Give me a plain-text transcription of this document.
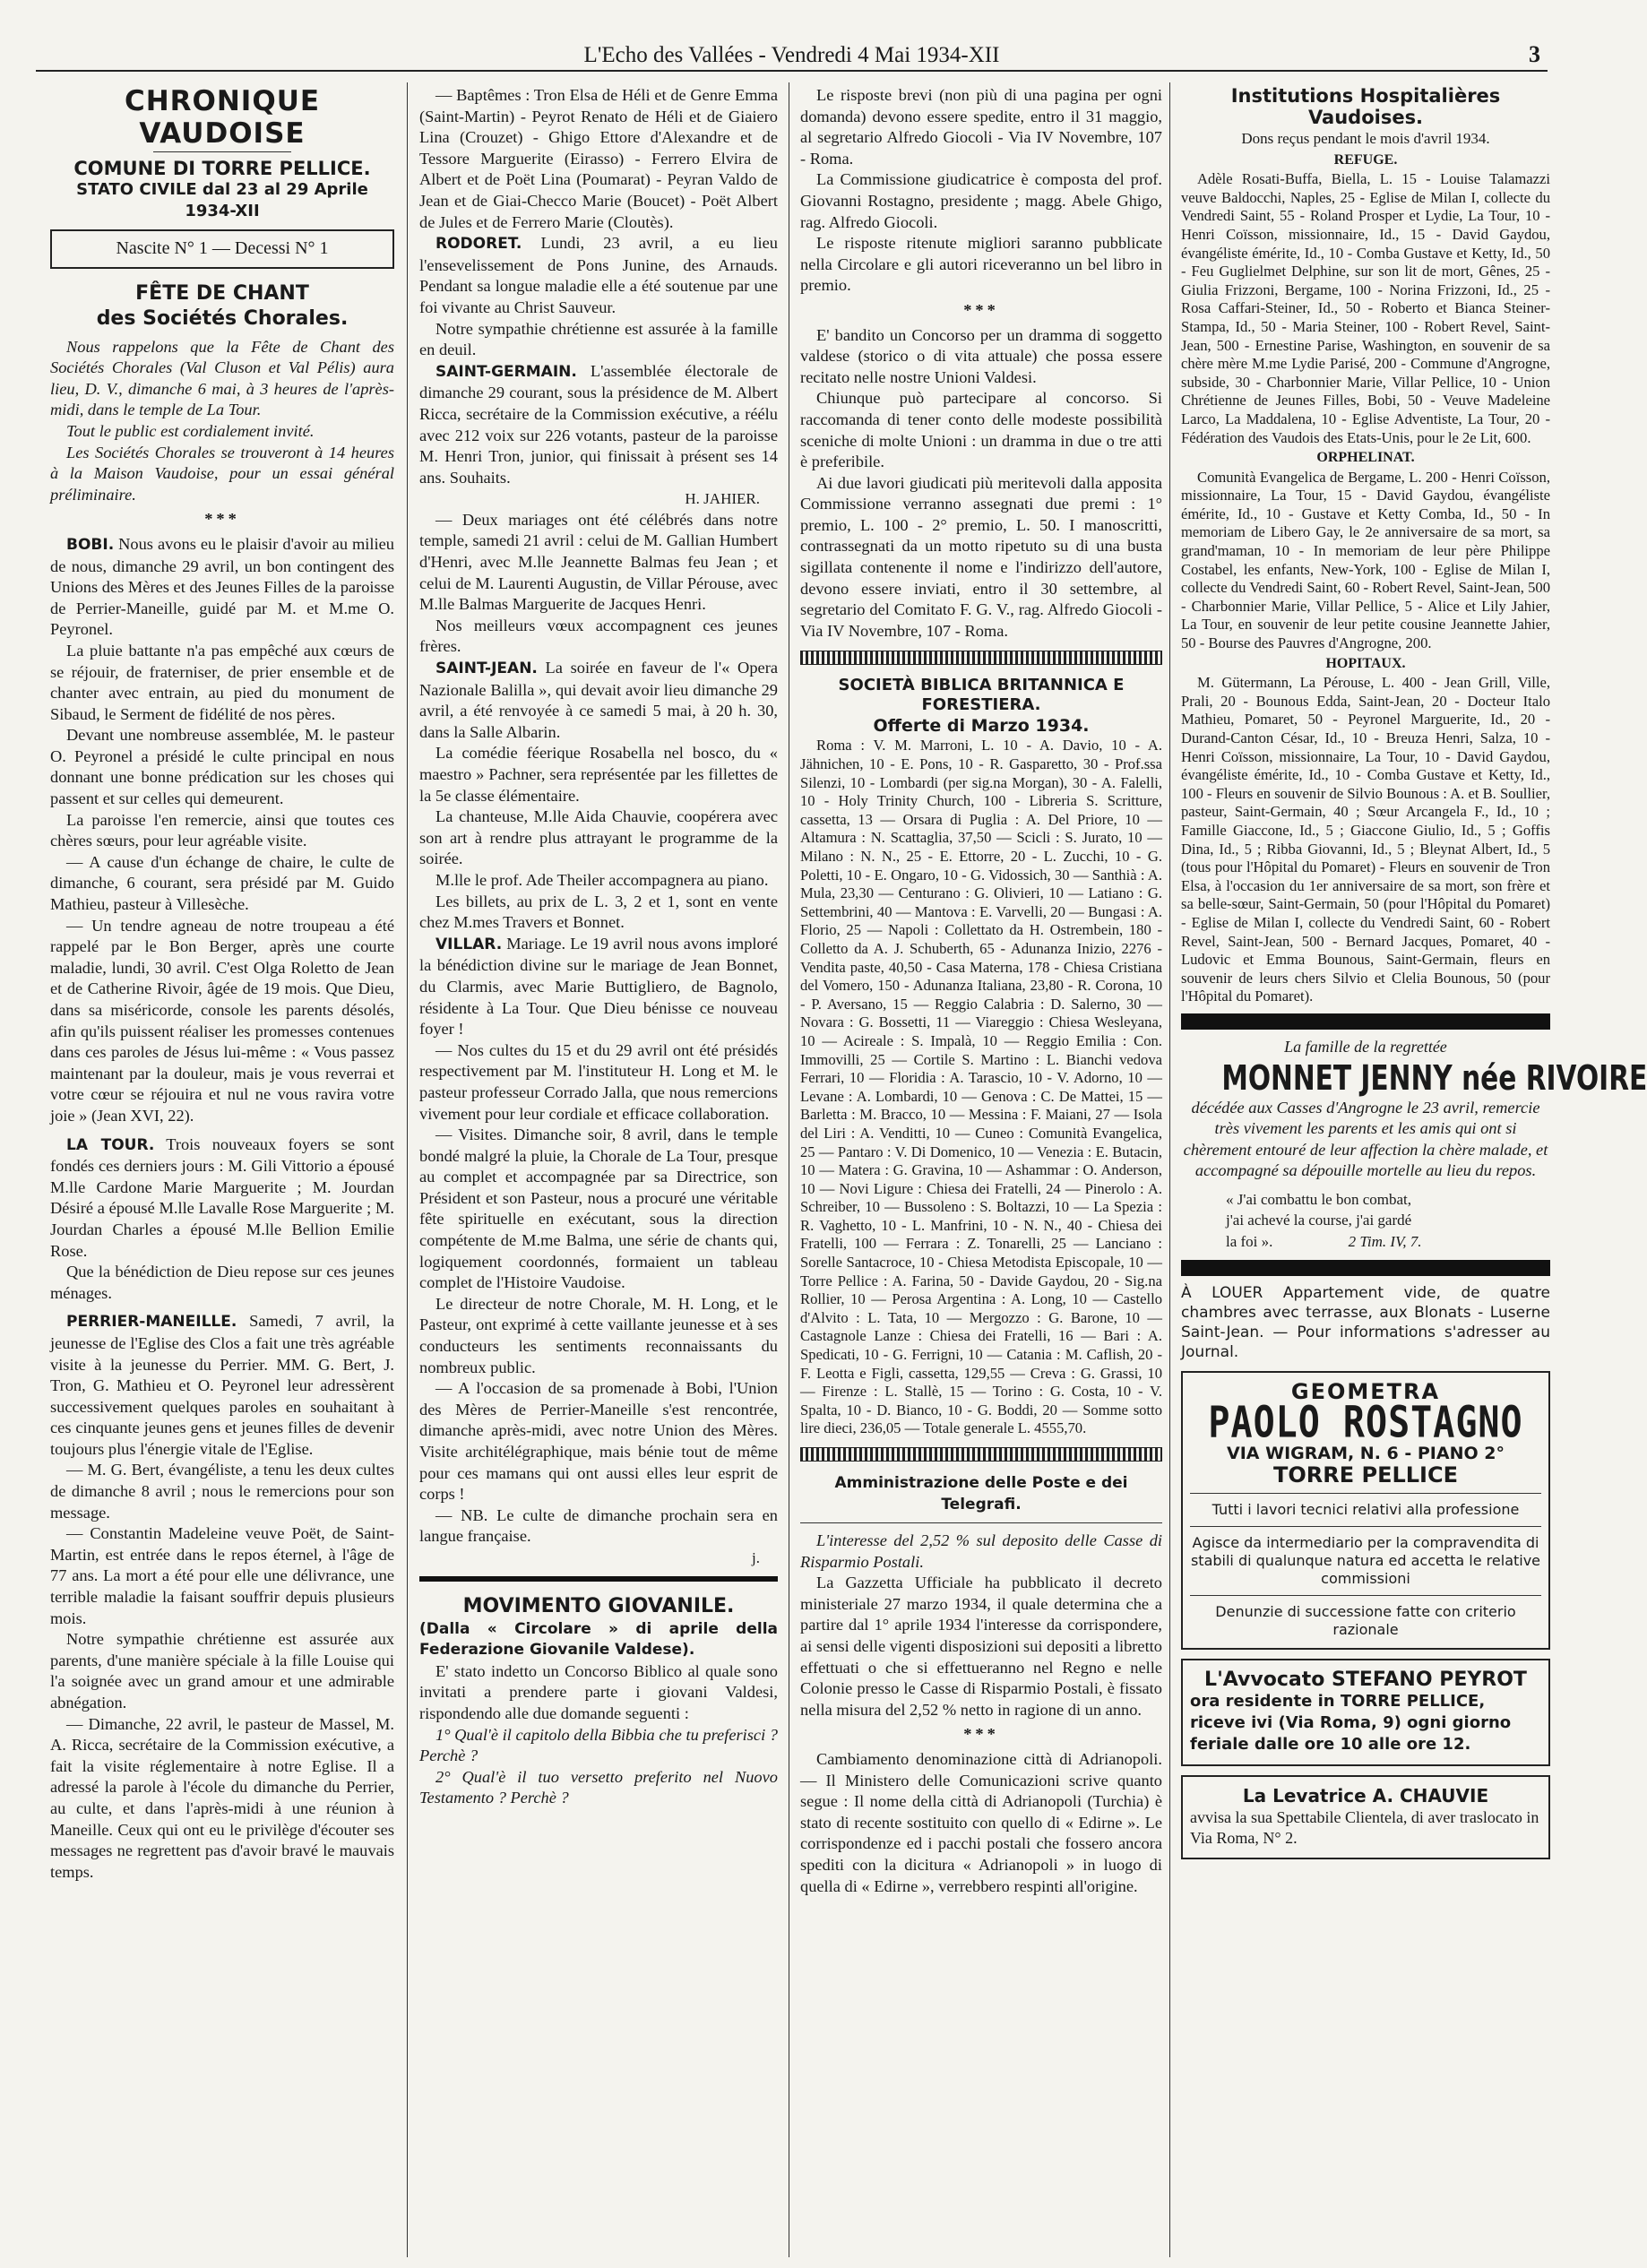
L'Echo des Vallées - Vendredi 4 Mai 1934-XII	3
CHRONIQUE VAUDOISE
COMUNE DI TORRE PELLICE.
STATO CIVILE dal 23 al 29 Aprile 1934-XII
Nascite N° 1 — Decessi N° 1
FÊTE DE CHANT
des Sociétés Chorales.

Nous rappelons que la Fête de Chant des Sociétés Chorales (Val Cluson et Val Pélis) aura lieu, D. V., dimanche 6 mai, à 3 heures de l'après-midi, dans le temple de La Tour.

Tout le public est cordialement invité.

Les Sociétés Chorales se trouveront à 14 heures à la Maison Vaudoise, pour un essai général préliminaire.

***

BOBI. Nous avons eu le plaisir d'avoir au milieu de nous, dimanche 29 avril, un bon contingent des Unions des Mères et des Jeunes Filles de la paroisse de Perrier-Maneille, guidé par M. et M.me O. Peyronel.

La pluie battante n'a pas empêché aux cœurs de se réjouir, de fraterniser, de prier ensemble et de chanter avec entrain, au pied du monument de Sibaud, le Serment de fidélité de nos pères.

Devant une nombreuse assemblée, M. le pasteur O. Peyronel a présidé le culte principal en nous donnant une bonne prédication sur les choses qui passent et sur celles qui demeurent.

La paroisse l'en remercie, ainsi que toutes ces chères sœurs, pour leur agréable visite.

— A cause d'un échange de chaire, le culte de dimanche, 6 courant, sera présidé par M. Guido Mathieu, pasteur à Villesèche.

— Un tendre agneau de notre troupeau a été rappelé par le Bon Berger, après une courte maladie, lundi, 30 avril. C'est Olga Roletto de Jean et de Catherine Rivoir, âgée de 19 mois. Que Dieu, dans sa miséricorde, console les parents désolés, afin qu'ils puissent réaliser les promesses contenues dans ces paroles de Jésus lui-même : « Vous passez maintenant par la douleur, mais je vous reverrai et votre cœur se réjouira et nul ne vous ravira votre joie » (Jean XVI, 22).

LA TOUR. Trois nouveaux foyers se sont fondés ces derniers jours : M. Gili Vittorio a épousé M.lle Cardone Marie Marguerite ; M. Jourdan Désiré a épousé M.lle Lavalle Rose Marguerite ; M. Jourdan Charles a épousé M.lle Bellion Emilie Rose.

Que la bénédiction de Dieu repose sur ces jeunes ménages.

PERRIER-MANEILLE. Samedi, 7 avril, la jeunesse de l'Eglise des Clos a fait une très agréable visite à la jeunesse du Perrier. MM. G. Bert, J. Tron, G. Mathieu et O. Peyronel leur adressèrent successivement quelques paroles en souhaitant à ces cinquante jeunes gens et jeunes filles de devenir toujours plus l'énergie vitale de l'Eglise.

— M. G. Bert, évangéliste, a tenu les deux cultes de dimanche 8 avril ; nous le remercions pour son message.

— Constantin Madeleine veuve Poët, de Saint-Martin, est entrée dans le repos éternel, à l'âge de 77 ans. La mort a été pour elle une délivrance, une terrible maladie la faisant souffrir depuis plusieurs mois.

Notre sympathie chrétienne est assurée aux parents, d'une manière spéciale à la fille Louise qui l'a soignée avec un grand amour et une admirable abnégation.

— Dimanche, 22 avril, le pasteur de Massel, M. A. Ricca, secrétaire de la Commission exécutive, a fait la visite réglementaire à notre Eglise. Il a adressé la parole à l'école du dimanche du Perrier, au culte, et dans l'après-midi à une réunion à Maneille. Ceux qui ont eu le privilège d'écouter ses messages ne regrettent pas d'avoir bravé le mauvais temps.

— Baptêmes : Tron Elsa de Héli et de Genre Emma (Saint-Martin) - Peyrot Renato de Héli et de Giaiero Lina (Crouzet) - Ghigo Ettore d'Alexandre et de Tessore Marguerite (Eirasso) - Ferrero Elvira de Albert et de Poët Lina (Poumarat) - Peyran Valdo de Jean et de Giai-Checco Marie (Boucet) - Poët Albert de Jules et de Ferrero Marie (Cloutès).

RODORET. Lundi, 23 avril, a eu lieu l'ensevelissement de Pons Junine, des Arnauds. Pendant sa longue maladie elle a été soutenue par une foi vivante au Christ Sauveur.

Notre sympathie chrétienne est assurée à la famille en deuil.

SAINT-GERMAIN. L'assemblée électorale de dimanche 29 courant, sous la présidence de M. Albert Ricca, secrétaire de la Commission exécutive, a réélu avec 212 voix sur 226 votants, pasteur de la paroisse M. Henri Tron, junior, qui finissait à présent ses 14 ans. Souhaits.

H. JAHIER.

— Deux mariages ont été célébrés dans notre temple, samedi 21 avril : celui de M. Gallian Humbert d'Henri, avec M.lle Jeannette Balmas feu Jean ; et celui de M. Laurenti Augustin, de Villar Pérouse, avec M.lle Balmas Marguerite de Jacques Henri.

Nos meilleurs vœux accompagnent ces jeunes frères.

SAINT-JEAN. La soirée en faveur de l'« Opera Nazionale Balilla », qui devait avoir lieu dimanche 29 avril, a été renvoyée à ce samedi 5 mai, à 20 h. 30, dans la Salle Albarin.

La comédie féerique Rosabella nel bosco, du « maestro » Pachner, sera représentée par les fillettes de la 5e classe élémentaire.

La chanteuse, M.lle Aida Chauvie, coopérera avec son art à rendre plus attrayant le programme de la soirée.

M.lle le prof. Ade Theiler accompagnera au piano.

Les billets, au prix de L. 3, 2 et 1, sont en vente chez M.mes Travers et Bonnet.

VILLAR. Mariage. Le 19 avril nous avons imploré la bénédiction divine sur le mariage de Jean Bonnet, du Clarmis, avec Marie Buttigliero, de Bagnolo, résidente à La Tour. Que Dieu bénisse ce nouveau foyer !

— Nos cultes du 15 et du 29 avril ont été présidés respectivement par M. l'instituteur H. Long et M. le pasteur professeur Corrado Jalla, que nous remercions vivement pour leur cordiale et efficace collaboration.

— Visites. Dimanche soir, 8 avril, dans le temple bondé malgré la pluie, la Chorale de La Tour, presque au complet et accompagnée par sa Directrice, son Président et son Pasteur, nous a procuré une véritable fête spirituelle en exécutant, sous la direction compétente de M.me Balma, une série de chants qui, logiquement coordonnés, formaient un tableau complet de l'Histoire Vaudoise.

Le directeur de notre Chorale, M. H. Long, et le Pasteur, ont exprimé à cette vaillante jeunesse et à ses conducteurs les sentiments reconnaissants du nombreux public.

— A l'occasion de sa promenade à Bobi, l'Union des Mères de Perrier-Maneille s'est rencontrée, dimanche après-midi, avec notre Union des Mères. Visite architélégraphique, mais bénie tout de même pour ces mamans qui ont aussi elles leur esprit de corps !

— NB. Le culte de dimanche prochain sera en langue française.

j.
MOVIMENTO GIOVANILE.

(Dalla « Circolare » di aprile della Federazione Giovanile Valdese).

E' stato indetto un Concorso Biblico al quale sono invitati a prendere parte i giovani Valdesi, rispondendo alle due domande seguenti :

1° Qual'è il capitolo della Bibbia che tu preferisci ? Perchè ?

2° Qual'è il tuo versetto preferito nel Nuovo Testamento ? Perchè ?

Le risposte brevi (non più di una pagina per ogni domanda) devono essere spedite, entro il 31 maggio, al segretario Alfredo Giocoli - Via IV Novembre, 107 - Roma.

La Commissione giudicatrice è composta del prof. Giovanni Rostagno, presidente ; magg. Abele Ghigo, rag. Alfredo Giocoli.

Le risposte ritenute migliori saranno pubblicate nella Circolare e gli autori riceveranno un bel libro in premio.

***

E' bandito un Concorso per un dramma di soggetto valdese (storico o di vita attuale) che possa essere recitato nelle nostre Unioni Valdesi.

Chiunque può partecipare al concorso. Si raccomanda di tener conto delle modeste possibilità sceniche di molte Unioni : un dramma in due o tre atti è preferibile.

Ai due lavori giudicati più meritevoli dalla apposita Commissione verranno assegnati due premi : 1° premio, L. 100 - 2° premio, L. 50. I manoscritti, contrassegnati da un motto ripetuto su di una busta sigillata contenente il nome e l'indirizzo dell'autore, devono essere inviati, entro il 30 settembre, al segretario del Comitato F. G. V., rag. Alfredo Giocoli - Via IV Novembre, 107 - Roma.

SOCIETÀ BIBLICA BRITANNICA E FORESTIERA.
Offerte di Marzo 1934.

Roma : V. M. Marroni, L. 10 - A. Davio, 10 - A. Jähnichen, 10 - E. Pons, 10 - R. Gasparetto, 30 - Prof.ssa Silenzi, 10 - Lombardi (per sig.na Morgan), 30 - A. Falelli, 10 - Holy Trinity Church, 100 - Libreria S. Scritture, cassetta, 13 — Orsara di Puglia : A. Del Priore, 10 — Altamura : N. Scattaglia, 37,50 — Scicli : S. Jurato, 10 — Milano : N. N., 25 - E. Ettorre, 20 - L. Zucchi, 10 - G. Poletti, 10 - E. Ongaro, 10 - G. Vidossich, 30 — Santhià : A. Mula, 23,30 — Centurano : G. Olivieri, 10 — Latiano : G. Settembrini, 40 — Mantova : E. Varvelli, 20 — Bungasi : A. Florio, 25 — Napoli : Collettato da H. Ostrembein, 180 - Colletto da A. J. Schuberth, 65 - Adunanza Inizio, 2276 - Vendita paste, 40,50 - Casa Materna, 178 - Chiesa Cristiana del Vomero, 150 - Adunanza Italiana, 23,80 - R. Corona, 10 - P. Aversano, 15 — Reggio Calabria : D. Salerno, 30 — Novara : G. Bossetti, 11 — Viareggio : Chiesa Wesleyana, 10 — Acireale : S. Impalà, 10 — Reggio Emilia : Con. Immovilli, 25 — Cortile S. Martino : L. Bianchi vedova Ferrari, 10 — Floridia : A. Tarascio, 10 - V. Adorno, 10 — Levane : A. Lombardi, 10 — Genova : C. De Mattei, 15 — Barletta : M. Bracco, 10 — Messina : F. Maiani, 27 — Isola del Liri : A. Venditti, 10 — Cuneo : Comunità Evangelica, 25 — Pantaro : V. Di Domenico, 10 — Venezia : E. Butacin, 10 — Matera : G. Gravina, 10 — Ashammar : O. Anderson, 10 — Novi Ligure : Chiesa dei Fratelli, 24 — Pinerolo : A. Schreiber, 10 — Bussoleno : S. Boltazzi, 10 — La Spezia : R. Vaghetto, 10 - L. Manfrini, 10 - N. N., 40 - Chiesa dei Fratelli, 100 — Ferrara : Z. Tonarelli, 25 — Lanciano : Sorelle Santacroce, 10 - Chiesa Metodista Episcopale, 10 — Torre Pellice : A. Farina, 50 - Davide Gaydou, 20 - Sig.na Rollier, 10 — Perosa Argentina : A. Long, 10 — Castello d'Alvito : L. Tata, 10 — Mergozzo : G. Barone, 10 — Castagnole Lanze : Chiesa dei Fratelli, 16 — Bari : A. Spedicati, 10 - G. Ferrigni, 10 — Catania : M. Caflish, 20 - F. Leotta e Figli, cassetta, 129,55 — Creva : G. Grassi, 10 — Firenze : L. Stallè, 15 — Torino : G. Costa, 10 - V. Spalta, 10 - D. Bianco, 10 - G. Boddi, 20 — Somme sotto lire dieci, 236,05 — Totale generale L. 4555,70.

Amministrazione delle Poste e dei Telegrafi.

L'interesse del 2,52 % sul deposito delle Casse di Risparmio Postali.

La Gazzetta Ufficiale ha pubblicato il decreto ministeriale 27 marzo 1934, il quale determina che a partire dal 1° aprile 1934 l'interesse da corrispondere, ai sensi delle vigenti disposizioni sui depositi a libretto effettuati o che si effettueranno nel Regno e nelle Colonie presso le Casse di Risparmio Postali, è fissato nella misura del 2,52 % netto in ragione di un anno.

***

Cambiamento denominazione città di Adrianopoli. — Il Ministero delle Comunicazioni scrive quanto segue : Il nome della città di Adrianopoli (Turchia) è stato di recente sostituito con quello di « Edirne ». Le corrispondenze ed i pacchi postali che fossero ancora spediti con la dicitura « Adrianopoli » in luogo di quella di « Edirne », verrebbero respinti all'origine.

Institutions Hospitalières Vaudoises.
Dons reçus pendant le mois d'avril 1934.
REFUGE.

Adèle Rosati-Buffa, Biella, L. 15 - Louise Talamazzi veuve Baldocchi, Naples, 25 - Eglise de Milan I, collecte du Vendredi Saint, 55 - Roland Prosper et Lydie, La Tour, 10 - Henri Coïsson, missionnaire, Id., 15 - David Gaydou, évangéliste émérite, Id., 10 - Comba Gustave et Ketty, Id., 50 - Feu Guglielmet Delphine, sur son lit de mort, Gênes, 25 - Giulia Frizzoni, Bergame, 100 - Norina Frizzoni, Id., 25 - Rosa Caffari-Steiner, Id., 50 - Roberto et Bianca Steiner-Stampa, Id., 50 - Maria Steiner, 100 - Robert Revel, Saint-Jean, 500 - Ernestine Parise, Washington, en souvenir de sa chère mère M.me Lydie Parisé, 200 - Commune d'Angrogne, subside, 30 - Charbonnier Marie, Villar Pellice, 10 - Union Chrétienne de Jeunes Filles, Bobi, 50 - Veuve Madeleine Larco, La Maddalena, 10 - Eglise Adventiste, La Tour, 20 - Fédération des Vaudois des Etats-Unis, pour le 2e Lit, 600.

ORPHELINAT.

Comunità Evangelica de Bergame, L. 200 - Henri Coïsson, missionnaire, La Tour, 15 - David Gaydou, évangéliste émérite, Id., 10 - Gustave et Ketty Comba, Id., 50 - In memoriam de Libero Gay, le 2e anniversaire de sa mort, sa grand'maman, 10 - In memoriam de leur père Philippe Costabel, les enfants, New-York, 100 - Eglise de Milan I, collecte du Vendredi Saint, 60 - Robert Revel, Saint-Jean, 500 - Charbonnier Marie, Villar Pellice, 5 - Alice et Lily Jahier, La Tour, en souvenir de leur petite cousine Jeannette Jahier, 50 - Bourse des Pauvres d'Angrogne, 200.

HOPITAUX.

M. Gütermann, La Pérouse, L. 400 - Jean Grill, Ville, Prali, 20 - Bounous Edda, Saint-Jean, 20 - Docteur Italo Mathieu, Pomaret, 50 - Peyronel Marguerite, Id., 20 - Durand-Canton César, Id., 10 - Breuza Henri, Salza, 10 - Henri Coïsson, missionnaire, La Tour, 10 - David Gaydou, évangéliste émérite, Id., 10 - Comba Gustave et Ketty, Id., 100 - Fleurs en souvenir de Silvio Bounous : A. et B. Soullier, pasteur, Saint-Germain, 40 ; Sœur Arcangela F., Id., 10 ; Famille Giaccone, Id., 5 ; Giaccone Giulio, Id., 5 ; Goffis Dina, Id., 5 ; Ribba Giovanni, Id., 5 ; Bleynat Albert, Id., 5 (tous pour l'Hôpital du Pomaret) - Fleurs en souvenir de Tron Elsa, à l'occasion du 1er anniversaire de sa mort, son frère et sa belle-sœur, Saint-Germain, 50 (pour l'Hôpital du Pomaret) - Eglise de Milan I, collecte du Vendredi Saint, 60 - Robert Revel, Saint-Jean, 500 - Bernard Jacques, Pomaret, 40 - Ludovic et Emma Bounous, Saint-Germain, fleurs en souvenir de leurs chers Silvio et Clelia Bounous, 50 (pour l'Hôpital du Pomaret).

La famille de la regrettée
MONNET JENNY née RIVOIRE

décédée aux Casses d'Angrogne le 23 avril, remercie très vivement les parents et les amis qui ont si chèrement entouré de leur affection la chère malade, et accompagné sa dépouille mortelle au lieu du repos.

« J'ai combattu le bon combat,
j'ai achevé la course, j'ai gardé
la foi ».	2 Tim. IV, 7.

À LOUER Appartement vide, de quatre chambres avec terrasse, aux Blonats - Luserne Saint-Jean. — Pour informations s'adresser au Journal.

GEOMETRA
PAOLO ROSTAGNO
VIA WIGRAM, N. 6 - PIANO 2°
TORRE PELLICE
Tutti i lavori tecnici relativi alla professione
Agisce da intermediario per la compravendita di stabili di qualunque natura ed accetta le relative commissioni
Denunzie di successione fatte con criterio razionale
L'Avvocato STEFANO PEYROT
ora residente in TORRE PELLICE, riceve ivi (Via Roma, 9) ogni giorno feriale dalle ore 10 alle ore 12.
La Levatrice A. CHAUVIE
avvisa la sua Spettabile Clientela, di aver traslocato in Via Roma, N° 2.
